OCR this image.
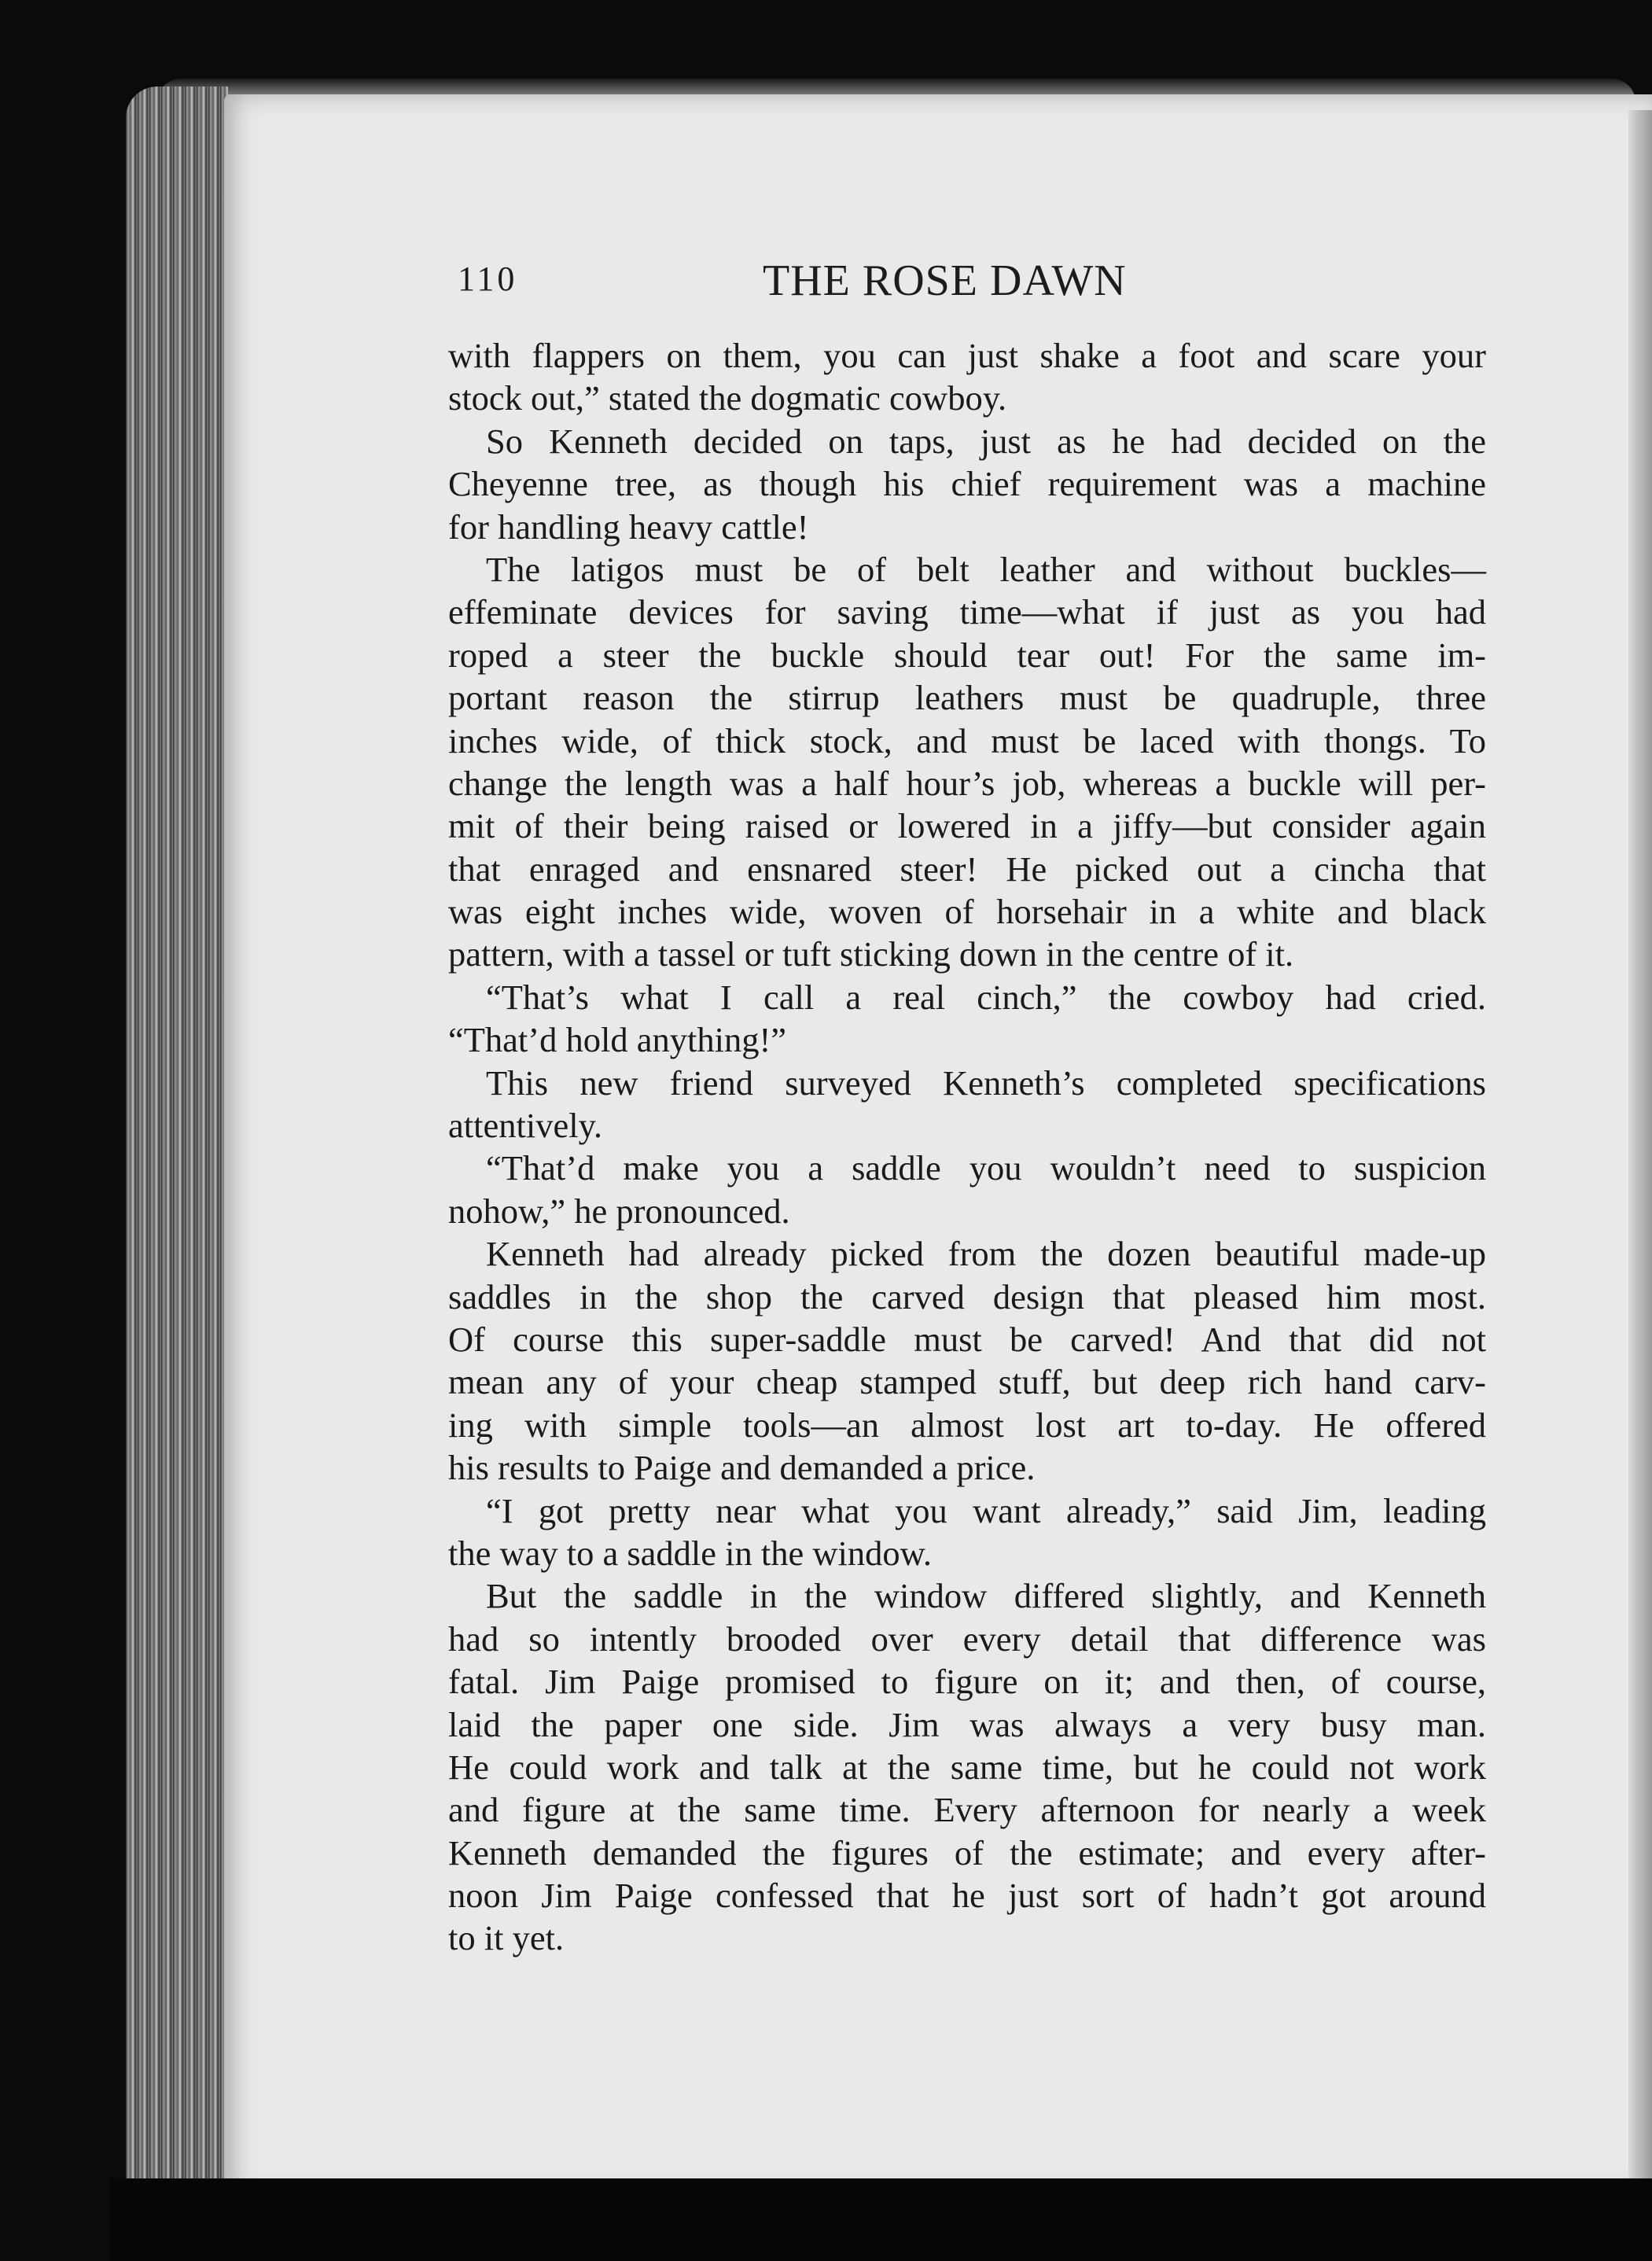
110	THE ROSE DAWN
with flappers on them, you can just shake a foot and scare your
stock out,” stated the dogmatic cowboy.
So Kenneth decided on taps, just as he had decided on the
Cheyenne tree, as though his chief requirement was a machine
for handling heavy cattle!
The latigos must be of belt leather and without buckles—
effeminate devices for saving time—what if just as you had
roped a steer the buckle should tear out! For the same im-
portant reason the stirrup leathers must be quadruple, three
inches wide, of thick stock, and must be laced with thongs. To
change the length was a half hour’s job, whereas a buckle will per-
mit of their being raised or lowered in a jiffy—but consider again
that enraged and ensnared steer! He picked out a cincha that
was eight inches wide, woven of horsehair in a white and black
pattern, with a tassel or tuft sticking down in the centre of it.
“That’s what I call a real cinch,” the cowboy had cried.
“That’d hold anything!”
This new friend surveyed Kenneth’s completed specifications
attentively.
“That’d make you a saddle you wouldn’t need to suspicion
nohow,” he pronounced.
Kenneth had already picked from the dozen beautiful made-up
saddles in the shop the carved design that pleased him most.
Of course this super-saddle must be carved! And that did not
mean any of your cheap stamped stuff, but deep rich hand carv-
ing with simple tools—an almost lost art to-day. He offered
his results to Paige and demanded a price.
“I got pretty near what you want already,” said Jim, leading
the way to a saddle in the window.
But the saddle in the window differed slightly, and Kenneth
had so intently brooded over every detail that difference was
fatal. Jim Paige promised to figure on it; and then, of course,
laid the paper one side. Jim was always a very busy man.
He could work and talk at the same time, but he could not work
and figure at the same time. Every afternoon for nearly a week
Kenneth demanded the figures of the estimate; and every after-
noon Jim Paige confessed that he just sort of hadn’t got around
to it yet.
